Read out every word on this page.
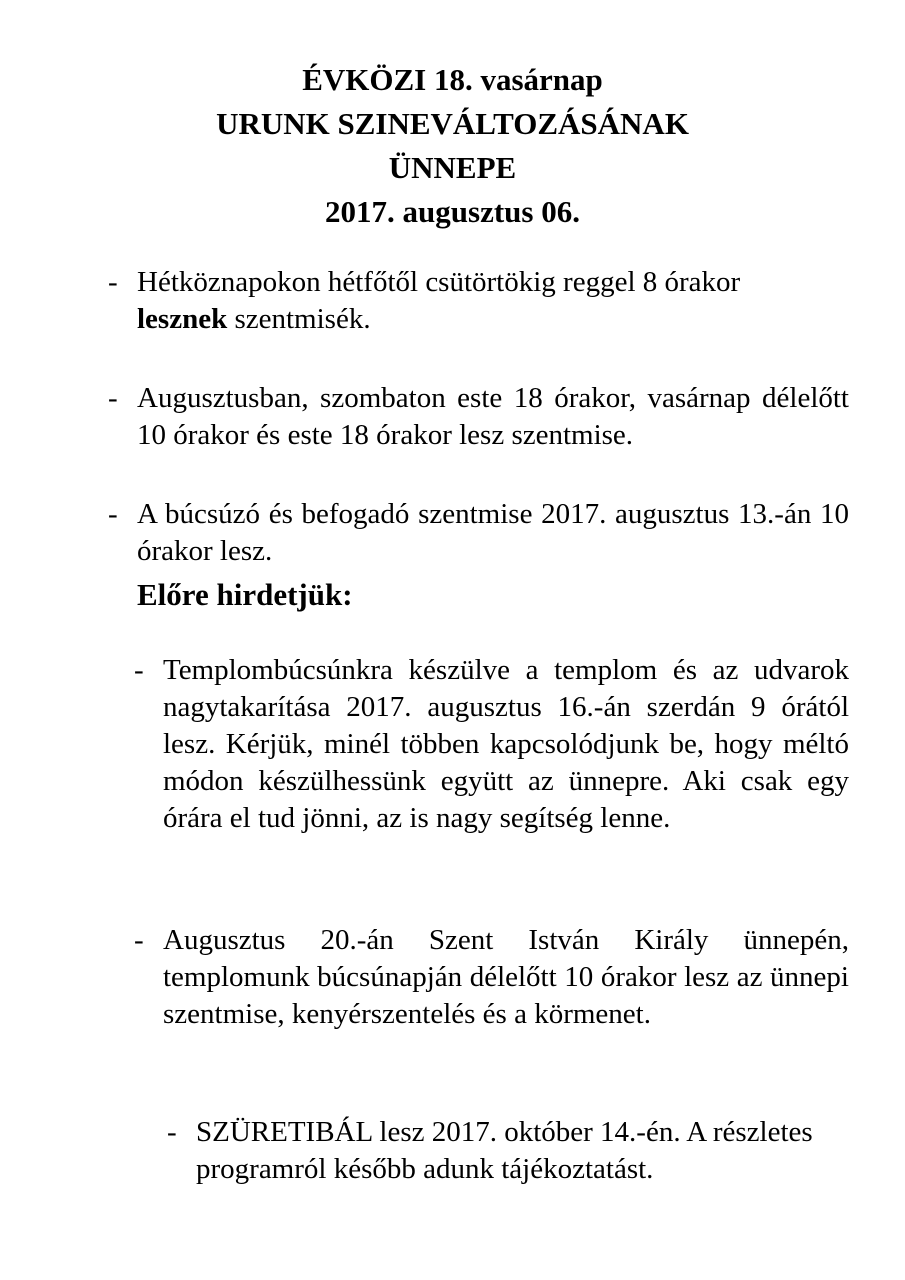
ÉVKÖZI 18. vasárnap
URUNK SZINEVÁLTOZÁSÁNAK
ÜNNEPE
2017. augusztus 06.
- Hétköznapokon hétfőtől csütörtökig reggel 8 órakor lesznek szentmisék.

- Augusztusban, szombaton este 18 órakor, vasárnap délelőtt 10 órakor és este 18 órakor lesz szentmise.

- A búcsúzó és befogadó szentmise 2017. augusztus 13.-án 10 órakor lesz.

Előre hirdetjük:
- Templombúcsúnkra készülve a templom és az udvarok nagytakarítása 2017. augusztus 16.-án szerdán 9 órától lesz. Kérjük, minél többen kapcsolódjunk be, hogy méltó módon készülhessünk együtt az ünnepre. Aki csak egy órára el tud jönni, az is nagy segítség lenne.

- Augusztus 20.-án Szent István Király ünnepén, templomunk búcsúnapján délelőtt 10 órakor lesz az ünnepi szentmise, kenyérszentelés és a körmenet.

- SZÜRETIBÁL lesz 2017. október 14.-én. A részletes programról később adunk tájékoztatást.
